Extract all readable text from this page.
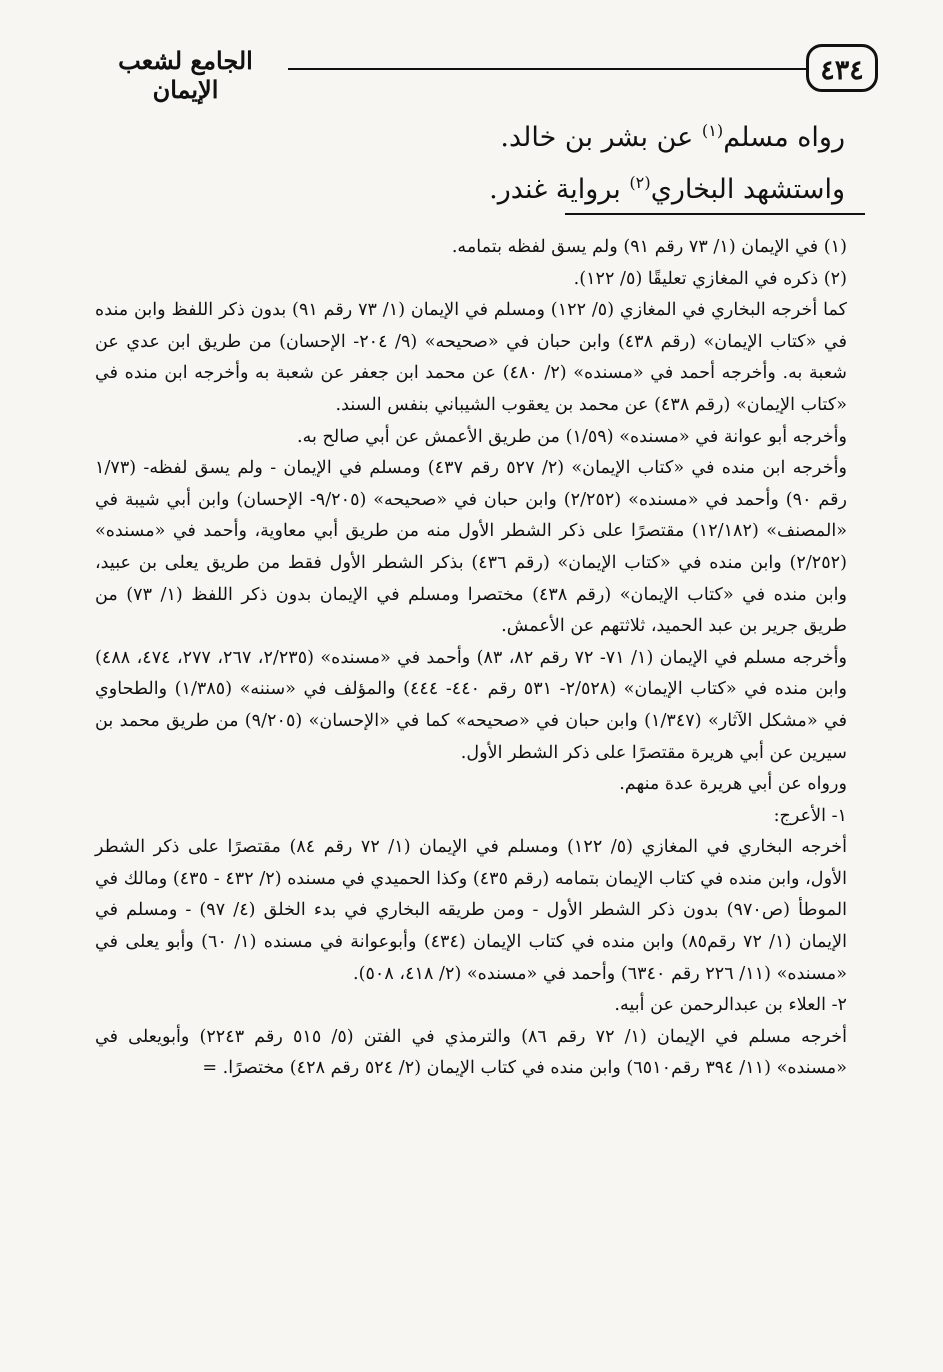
٤٣٤
الجامع لشعب الإيمان

رواه مسلم$^{(١)}$ عن بشر بن خالد.

واستشهد البخاري$^{(٢)}$ برواية غندر.

(١) في الإيمان (١/ ٧٣ رقم ٩١) ولم يسق لفظه بتمامه.

(٢) ذكره في المغازي تعليقًا (٥/ ١٢٢).

كما أخرجه البخاري في المغازي (٥/ ١٢٢) ومسلم في الإيمان (١/ ٧٣ رقم ٩١) بدون ذكر اللفظ وابن منده في «كتاب الإيمان» (رقم ٤٣٨) وابن حبان في «صحيحه» (٩/ ٢٠٤- الإحسان) من طريق ابن عدي عن شعبة به. وأخرجه أحمد في «مسنده» (٢/ ٤٨٠) عن محمد ابن جعفر عن شعبة به وأخرجه ابن منده في «كتاب الإيمان» (رقم ٤٣٨) عن محمد بن يعقوب الشيباني بنفس السند.

وأخرجه أبو عوانة في «مسنده» (١/٥٩) من طريق الأعمش عن أبي صالح به.

وأخرجه ابن منده في «كتاب الإيمان» (٢/ ٥٢٧ رقم ٤٣٧) ومسلم في الإيمان - ولم يسق لفظه- (١/٧٣ رقم ٩٠) وأحمد في «مسنده» (٢/٢٥٢) وابن حبان في «صحيحه» (٩/٢٠٥- الإحسان) وابن أبي شيبة في «المصنف» (١٢/١٨٢) مقتصرًا على ذكر الشطر الأول منه من طريق أبي معاوية، وأحمد في «مسنده» (٢/٢٥٢) وابن منده في «كتاب الإيمان» (رقم ٤٣٦) بذكر الشطر الأول فقط من طريق يعلى بن عبيد، وابن منده في «كتاب الإيمان» (رقم ٤٣٨) مختصرا ومسلم في الإيمان بدون ذكر اللفظ (١/ ٧٣) من طريق جرير بن عبد الحميد، ثلاثتهم عن الأعمش.

وأخرجه مسلم في الإيمان (١/ ٧١- ٧٢ رقم ٨٢، ٨٣) وأحمد في «مسنده» (٢/٢٣٥، ٢٦٧، ٢٧٧، ٤٧٤، ٤٨٨) وابن منده في «كتاب الإيمان» (٢/٥٢٨- ٥٣١ رقم ٤٤٠- ٤٤٤) والمؤلف في «سننه» (١/٣٨٥) والطحاوي في «مشكل الآثار» (١/٣٤٧) وابن حبان في «صحيحه» كما في «الإحسان» (٩/٢٠٥) من طريق محمد بن سيرين عن أبي هريرة مقتصرًا على ذكر الشطر الأول.

ورواه عن أبي هريرة عدة منهم.

١- الأعرج:

أخرجه البخاري في المغازي (٥/ ١٢٢) ومسلم في الإيمان (١/ ٧٢ رقم ٨٤) مقتصرًا على ذكر الشطر الأول، وابن منده في كتاب الإيمان بتمامه (رقم ٤٣٥) وكذا الحميدي في مسنده (٢/ ٤٣٢ - ٤٣٥) ومالك في الموطأ (ص٩٧٠) بدون ذكر الشطر الأول - ومن طريقه البخاري في بدء الخلق (٤/ ٩٧) - ومسلم في الإيمان (١/ ٧٢ رقم٨٥) وابن منده في كتاب الإيمان (٤٣٤) وأبوعوانة في مسنده (١/ ٦٠) وأبو يعلى في «مسنده» (١١/ ٢٢٦ رقم ٦٣٤٠) وأحمد في «مسنده» (٢/ ٤١٨، ٥٠٨).

٢- العلاء بن عبدالرحمن عن أبيه.

أخرجه مسلم في الإيمان (١/ ٧٢ رقم ٨٦) والترمذي في الفتن (٥/ ٥١٥ رقم ٢٢٤٣) وأبويعلى في «مسنده» (١١/ ٣٩٤ رقم٦٥١٠) وابن منده في كتاب الإيمان (٢/ ٥٢٤ رقم ٤٢٨) مختصرًا. =
